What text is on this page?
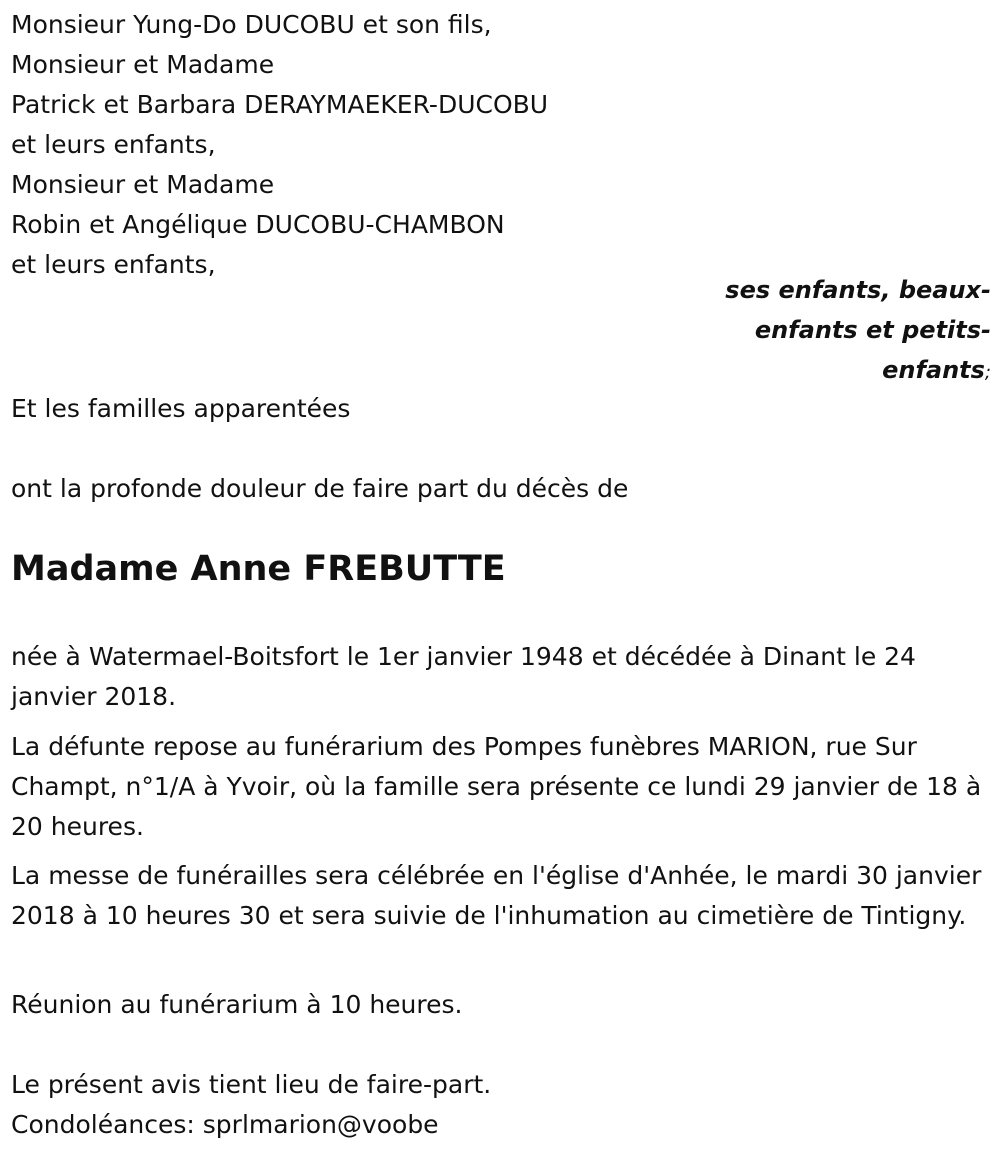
Monsieur Yung-Do DUCOBU et son fils,
Monsieur et Madame
Patrick et Barbara DERAYMAEKER-DUCOBU
et leurs enfants,
Monsieur et Madame
Robin et Angélique DUCOBU-CHAMBON
et leurs enfants,
ses enfants, beaux-
enfants et petits-
enfants;
Et les familles apparentées
ont la profonde douleur de faire part du décès de
Madame Anne FREBUTTE
née à Watermael-Boitsfort le 1er janvier 1948 et décédée à Dinant le 24 janvier 2018.
La défunte repose au funérarium des Pompes funèbres MARION, rue Sur Champt, n°1/A à Yvoir, où la famille sera présente ce lundi 29 janvier de 18 à 20 heures.
La messe de funérailles sera célébrée en l'église d'Anhée, le mardi 30 janvier 2018 à 10 heures 30 et sera suivie de l'inhumation au cimetière de Tintigny.
Réunion au funérarium à 10 heures.
Le présent avis tient lieu de faire-part.
Condoléances: sprlmarion@voobe
